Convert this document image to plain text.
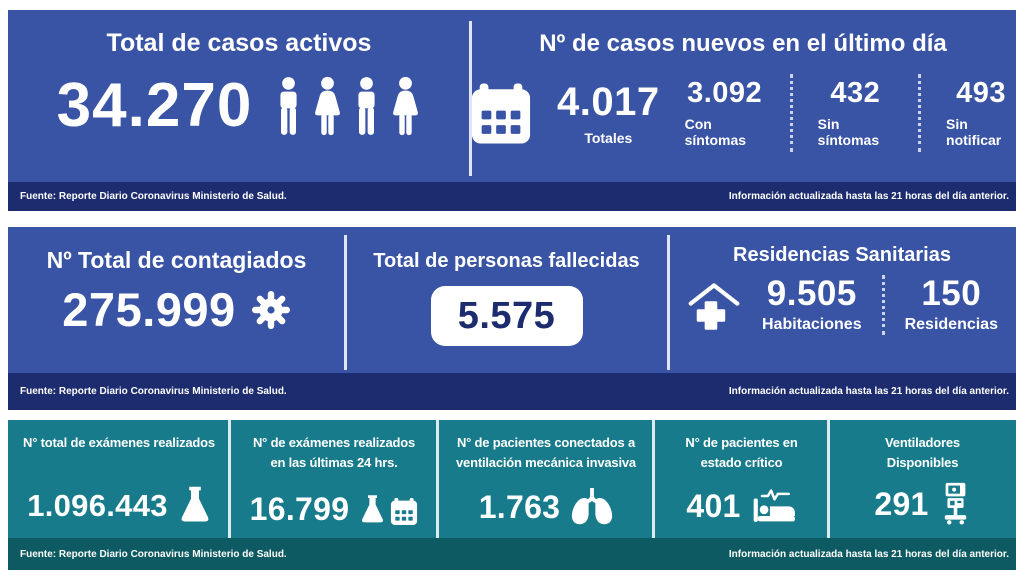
Total de casos activos
34.270
Nº de casos nuevos en el último día
4.017
Totales
3.092
Con síntomas
432
Sin síntomas
493
Sin notificar
Fuente: Reporte Diario Coronavirus Ministerio de Salud.	Información actualizada hasta las 21 horas del día anterior.
Nº Total de contagiados
275.999
Total de personas fallecidas
5.575
Residencias Sanitarias
9.505
Habitaciones
150
Residencias
Fuente: Reporte Diario Coronavirus Ministerio de Salud.	Información actualizada hasta las 21 horas del día anterior.
N° total de exámenes realizados
1.096.443
N° de exámenes realizados
en las últimas 24 hrs.
16.799
N° de pacientes conectados a
ventilación mecánica invasiva
1.763
N° de pacientes en
estado crítico
401
Ventiladores
Disponibles
291
Fuente: Reporte Diario Coronavirus Ministerio de Salud.	Información actualizada hasta las 21 horas del día anterior.
